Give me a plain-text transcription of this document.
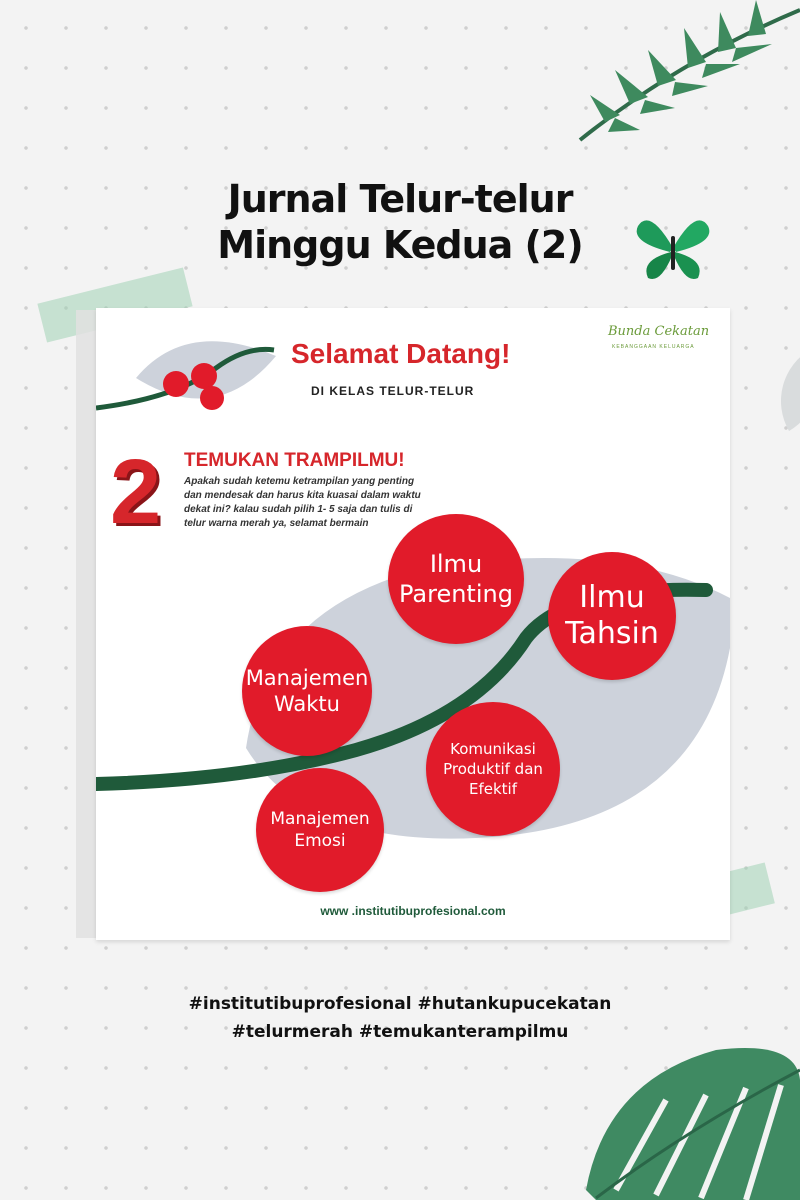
Jurnal Telur-telur
Minggu Kedua (2)
Selamat Datang!
DI KELAS TELUR-TELUR
Bunda Cekatan
KEBANGGAAN KELUARGA
2 TEMUKAN TRAMPILMU!
Apakah sudah ketemu ketrampilan yang penting dan mendesak dan harus kita kuasai dalam waktu dekat ini? kalau sudah pilih 1- 5 saja dan tulis di telur warna merah ya, selamat bermain
Ilmu
Parenting	Ilmu
Tahsin
Manajemen
Waktu
Komunikasi
Produktif dan
Efektif
Manajemen
Emosi
www .institutibuprofesional.com
#institutibuprofesional #hutankupucekatan
#telurmerah #temukanterampilmu
